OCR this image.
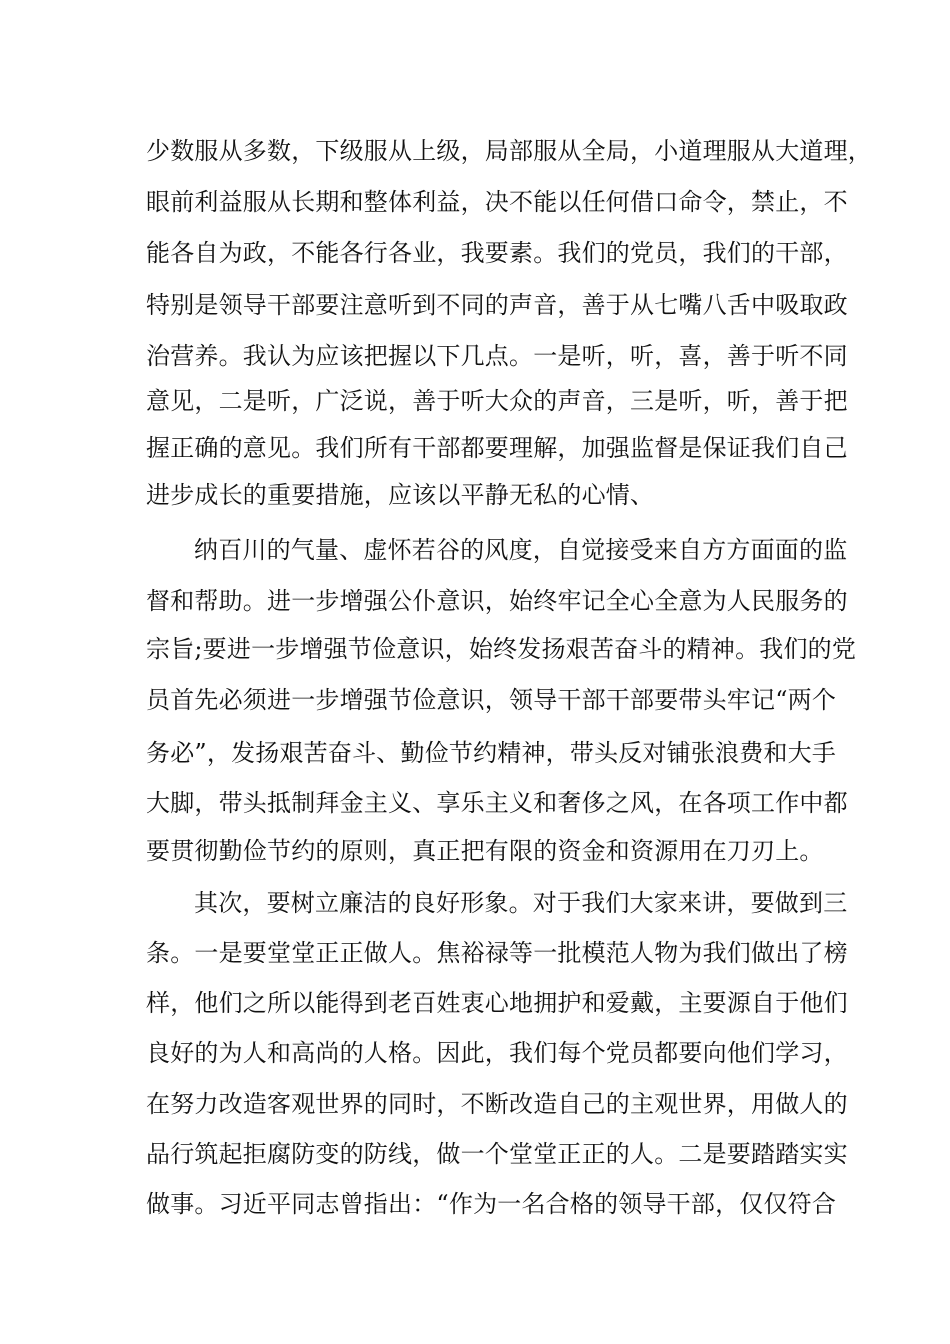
少数服从多数，下级服从上级，局部服从全局，小道理服从大道理，
眼前利益服从长期和整体利益，决不能以任何借口命令，禁止，不
能各自为政，不能各行各业，我要素。我们的党员，我们的干部，
特别是领导干部要注意听到不同的声音，善于从七嘴八舌中吸取政
治营养。我认为应该把握以下几点。一是听，听，喜，善于听不同
意见，二是听，广泛说，善于听大众的声音，三是听，听，善于把
握正确的意见。我们所有干部都要理解，加强监督是保证我们自己
进步成长的重要措施，应该以平静无私的心情、
纳百川的气量、虚怀若谷的风度，自觉接受来自方方面面的监
督和帮助。进一步增强公仆意识，始终牢记全心全意为人民服务的
宗旨;要进一步增强节俭意识，始终发扬艰苦奋斗的精神。我们的党
员首先必须进一步增强节俭意识，领导干部干部要带头牢记“两个
务必”，发扬艰苦奋斗、勤俭节约精神，带头反对铺张浪费和大手
大脚，带头抵制拜金主义、享乐主义和奢侈之风，在各项工作中都
要贯彻勤俭节约的原则，真正把有限的资金和资源用在刀刃上。
其次，要树立廉洁的良好形象。对于我们大家来讲，要做到三
条。一是要堂堂正正做人。焦裕禄等一批模范人物为我们做出了榜
样，他们之所以能得到老百姓衷心地拥护和爱戴，主要源自于他们
良好的为人和高尚的人格。因此，我们每个党员都要向他们学习，
在努力改造客观世界的同时，不断改造自己的主观世界，用做人的
品行筑起拒腐防变的防线，做一个堂堂正正的人。二是要踏踏实实
做事。习近平同志曾指出：“作为一名合格的领导干部，仅仅符合
